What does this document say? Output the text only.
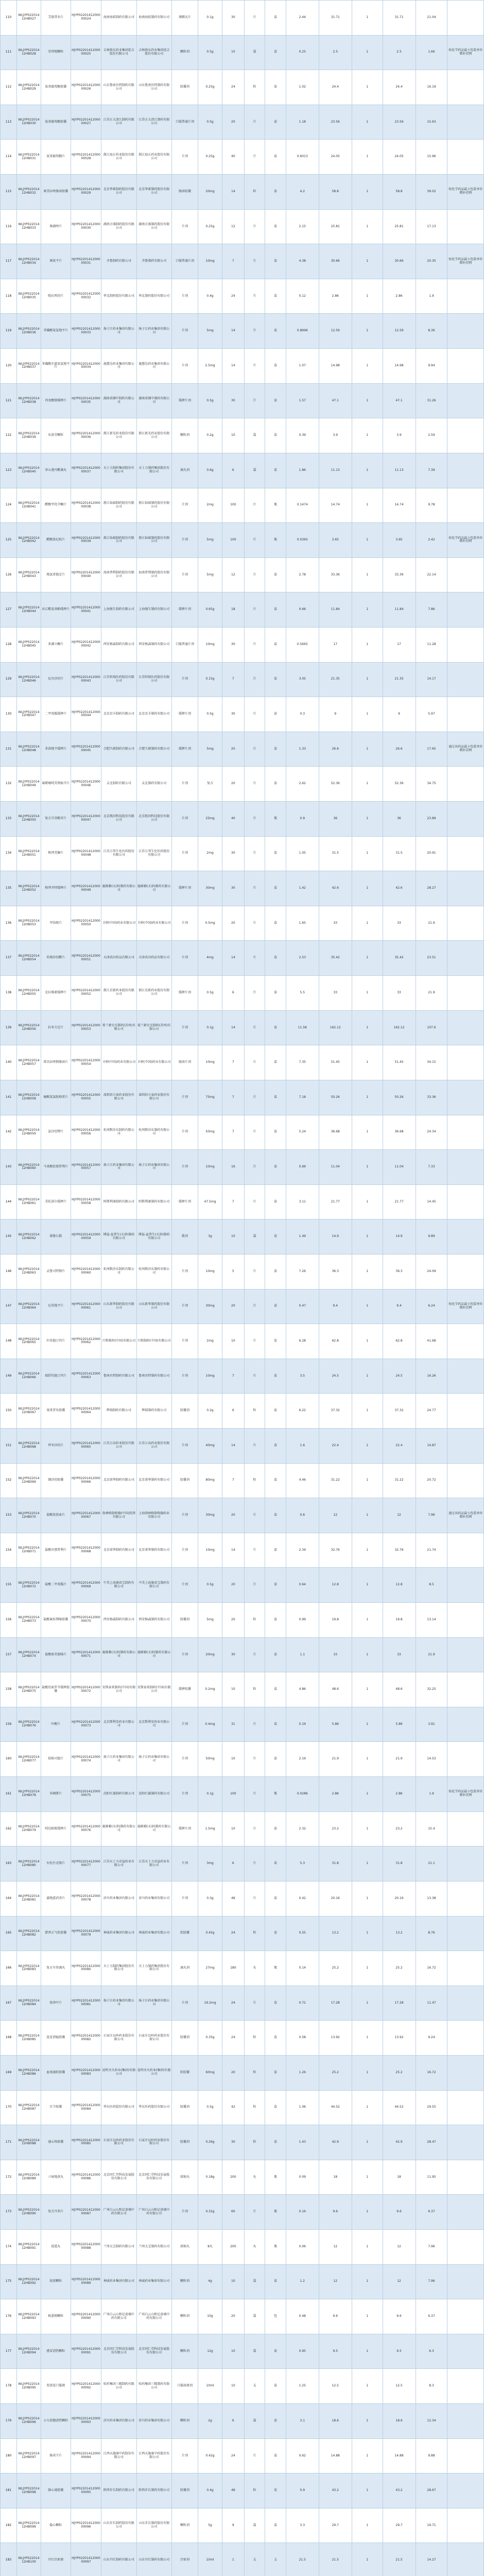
110	WLJYP02201412HB027	艾瑞昔布片	HJYP0220141200000024	海南海拓制药有限公司	海南海拓制药有限公司	薄膜衣片	0.1g	30	片	盒	2.44	31.71	1	31.71	21.04	
111	WLJYP02201412HB028	安替根颗粒	HJYP0220141200000025	吉林敖东药业集团延吉股份有限公司	吉林敖东药业集团延吉股份有限公司	颗粒剂	0.5g	10	袋	盒	0.25	2.5	1	2.5	1.66	按化学药品最小包装单位增补挂网
112	WLJYP02201412HB029	氨基葡萄糖胶囊	HJYP0220141200000026	山东鲁南贝特制药有限公司	山东鲁南贝特制药有限公司	胶囊剂	0.25g	24	粒	盒	1.02	24.4	1	24.4	16.19	
113	WLJYP02201412HB030	氨基葡萄糖胶囊	HJYP0220141200000027	江苏正大清江制药有限公司	江苏正大清江制药有限公司	口服普通片剂	0.5g	20	片	盒	1.18	23.56	1	23.56	15.63	
114	WLJYP02201412HB031	氨基葡萄糖片	HJYP0220141200000028	浙江海正药业股份有限公司	浙江海正药业股份有限公司	片剂	0.25g	40	片	盒	0.6013	24.05	1	24.05	15.96	
115	WLJYP02201412HB032	奥美拉唑肠溶胶囊	HJYP0220141200000029	北京华素制药股份有限公司	北京华素制药股份有限公司	肠溶胶囊	20mg	14	粒	盒	4.2	58.8	1	58.8	39.02	按化学药品最小包装单位增补挂网
116	WLJYP02201412HB033	奥硝唑片	HJYP0220141200000030	湖南方盛制药股份有限公司	湖南方盛制药股份有限公司	片剂	0.25g	12	片	盒	2.15	25.81	1	25.81	17.13	
117	WLJYP02201412HB034	奥氮平片	HJYP0220141200000031	齐鲁制药有限公司	齐鲁制药有限公司	口服普通片剂	10mg	7	片	盒	4.38	30.66	1	30.66	20.35	按化学药品最小包装单位增补挂网
118	WLJYP02201412HB035	吡拉西坦片	HJYP0220141200000032	华北制药股份有限公司	华北制药股份有限公司	片剂	0.4g	24	片	盒	0.12	2.86	1	2.86	1.9	
119	WLJYP02201412HB036	苯磺酸氨氯地平片	HJYP0220141200000033	扬子江药业集团有限公司	扬子江药业集团有限公司	片剂	5mg	14	片	盒	0.8996	12.59	1	12.59	8.36	
120	WLJYP02201412HB037	苯磺酸左旋氨氯地平片	HJYP0220141200000034	施慧达药业集团有限公司	施慧达药业集团有限公司	片剂	2.5mg	14	片	盒	1.07	14.98	1	14.98	9.94	
121	WLJYP02201412HB038	丙戊酸钠缓释片	HJYP0220141200000035	湖南省湘中制药有限公司	湖南省湘中制药有限公司	缓释片剂	0.5g	30	片	盒	1.57	47.1	1	47.1	31.26	
122	WLJYP02201412HB039	布洛芬颗粒	HJYP0220141200000036	浙江新光药业股份有限公司	浙江新光药业股份有限公司	颗粒剂	0.2g	10	袋	盒	0.39	3.9	1	3.9	2.59	
123	WLJYP02201412HB040	穿心莲内酯滴丸	HJYP0220141200000037	天士力制药集团股份有限公司	天士力制药集团股份有限公司	滴丸剂	0.6g	6	袋	盒	1.86	11.13	1	11.13	7.39	
124	WLJYP02201412HB041	醋酸甲羟孕酮片	HJYP0220141200000038	浙江仙琚制药股份有限公司	浙江仙琚制药股份有限公司	片剂	2mg	100	片	瓶	0.1474	14.74	1	14.74	9.78	
125	WLJYP02201412HB042	醋酸泼尼松片	HJYP0220141200000039	浙江仙琚制药股份有限公司	浙江仙琚制药股份有限公司	片剂	5mg	100	片	瓶	0.0365	3.65	1	3.65	2.42	按化学药品最小包装单位增补挂网
126	WLJYP02201412HB043	地氯雷他定片	HJYP0220141200000040	海南普利制药股份有限公司	海南普利制药股份有限公司	片剂	5mg	12	片	盒	2.78	33.36	1	33.36	22.14	
127	WLJYP02201412HB044	对乙酰氨基酚缓释片	HJYP0220141200000041	上海强生制药有限公司	上海强生制药有限公司	缓释片剂	0.65g	18	片	盒	0.66	11.84	1	11.84	7.86	
128	WLJYP02201412HB045	多潘立酮片	HJYP0220141200000042	西安杨森制药有限公司	西安杨森制药有限公司	口服普通片剂	10mg	30	片	盒	0.5665	17	1	17	11.28	
129	WLJYP02201412HB046	厄贝沙坦片	HJYP0220141200000043	江苏恒瑞医药股份有限公司	江苏恒瑞医药股份有限公司	片剂	0.15g	7	片	盒	3.05	21.35	1	21.35	14.17	
130	WLJYP02201412HB047	二甲双胍缓释片	HJYP0220141200000044	北京京丰制药有限公司	北京京丰制药有限公司	缓释片剂	0.5g	30	片	盒	0.3	9	1	9	5.97	
131	WLJYP02201412HB048	非洛地平缓释片	HJYP0220141200000045	合肥久联制药有限公司	合肥久联制药有限公司	缓释片剂	5mg	20	片	盒	1.33	26.6	1	26.6	17.65	通过该药品最小包装单位增补挂网
132	WLJYP02201412HB049	氟哌噻吨美利曲辛片	HJYP0220141200000046	灵北制药有限公司	灵北制药有限公司	片剂	复方	20	片	盒	2.62	52.36	1	52.36	34.75	
133	WLJYP02201412HB050	复方甘草酸苷片	HJYP0220141200000047	北京凯因科技股份有限公司	北京凯因科技股份有限公司	片剂	25mg	40	片	瓶	0.9	36	1	36	23.89	
134	WLJYP02201412HB051	格列美脲片	HJYP0220141200000048	江苏万邦生化医药股份有限公司	江苏万邦生化医药股份有限公司	片剂	2mg	30	片	盒	1.05	31.5	1	31.5	20.91	
135	WLJYP02201412HB052	格列齐特缓释片	HJYP0220141200000049	施维雅(天津)制药有限公司	施维雅(天津)制药有限公司	缓释片剂	30mg	30	片	盒	1.42	42.6	1	42.6	28.27	
136	WLJYP02201412HB053	甲钴胺片	HJYP0220141200000050	卫材(中国)药业有限公司	卫材(中国)药业有限公司	片剂	0.5mg	20	片	盒	1.65	33	1	33	21.9	
137	WLJYP02201412HB054	坎地沙坦酯片	HJYP0220141200000051	天津武田药品有限公司	天津武田药品有限公司	片剂	4mg	14	片	盒	2.53	35.42	1	35.42	23.51	
138	WLJYP02201412HB055	克拉霉素缓释片	HJYP0220141200000052	浙江京新药业股份有限公司	浙江京新药业股份有限公司	缓释片剂	0.5g	6	片	盒	5.5	33	1	33	21.9	
139	WLJYP02201412HB056	拉米夫定片	HJYP0220141200000053	葛兰素史克制药(苏州)有限公司	葛兰素史克制药(苏州)有限公司	片剂	0.1g	14	片	盒	11.58	162.12	1	162.12	107.6	
140	WLJYP02201412HB057	雷贝拉唑钠肠溶片	HJYP0220141200000054	卫材(中国)药业有限公司	卫材(中国)药业有限公司	肠溶片剂	10mg	7	片	盒	7.35	51.45	1	51.45	34.15	
141	WLJYP02201412HB058	硫酸氢氯吡格雷片	HJYP0220141200000055	深圳信立泰药业股份有限公司	深圳信立泰药业股份有限公司	片剂	75mg	7	片	盒	7.18	50.26	1	50.26	33.36	
142	WLJYP02201412HB059	氯沙坦钾片	HJYP0220141200000056	杭州默沙东制药有限公司	杭州默沙东制药有限公司	片剂	50mg	7	片	盒	5.24	36.68	1	36.68	24.34	
143	WLJYP02201412HB060	马来酸依那普利片	HJYP0220141200000057	扬子江药业集团有限公司	扬子江药业集团有限公司	片剂	10mg	16	片	盒	0.69	11.04	1	11.04	7.33	
144	WLJYP02201412HB061	美托洛尔缓释片	HJYP0220141200000058	阿斯利康制药有限公司	阿斯利康制药有限公司	缓释片剂	47.5mg	7	片	盒	3.11	21.77	1	21.77	14.45	
145	WLJYP02201412HB062	蒙脱石散	HJYP0220141200000059	博福-益普生(天津)制药有限公司	博福-益普生(天津)制药有限公司	散剂	3g	10	袋	盒	1.49	14.9	1	14.9	9.89	
146	WLJYP02201412HB063	孟鲁司特钠片	HJYP0220141200000060	杭州默沙东制药有限公司	杭州默沙东制药有限公司	片剂	10mg	5	片	盒	7.26	36.3	1	36.3	24.09	
147	WLJYP02201412HB064	尼莫地平片	HJYP0220141200000061	山东新华制药股份有限公司	山东新华制药股份有限公司	片剂	30mg	20	片	盒	0.47	9.4	1	9.4	6.24	按化学药品最小包装单位增补挂网
148	WLJYP02201412HB065	匹伐他汀钙片	HJYP0220141200000062	兴和制药(中国)有限公司	兴和制药(中国)有限公司	片剂	2mg	10	片	盒	6.28	62.8	1	62.8	41.68	
149	WLJYP02201412HB066	瑞舒伐他汀钙片	HJYP0220141200000063	鲁南贝特制药有限公司	鲁南贝特制药有限公司	片剂	10mg	7	片	盒	3.5	24.5	1	24.5	16.26	
150	WLJYP02201412HB067	塞来昔布胶囊	HJYP0220141200000064	辉瑞制药有限公司	辉瑞制药有限公司	胶囊剂	0.2g	6	粒	盒	6.22	37.32	1	37.32	24.77	
151	WLJYP02201412HB068	替米沙坦片	HJYP0220141200000065	江苏万高药业股份有限公司	江苏万高药业股份有限公司	片剂	40mg	14	片	盒	1.6	22.4	1	22.4	14.87	
152	WLJYP02201412HB069	缬沙坦胶囊	HJYP0220141200000066	北京诺华制药有限公司	北京诺华制药有限公司	胶囊剂	80mg	7	粒	盒	4.46	31.22	1	31.22	20.72	
153	WLJYP02201412HB070	盐酸氨溴索片	HJYP0220141200000067	勃林格殷格翰(中国)投资有限公司	上海勃林格殷格翰药业有限公司	片剂	30mg	20	片	盒	0.6	12	1	12	7.96	通过该药品最小包装单位增补挂网
154	WLJYP02201412HB071	盐酸贝那普利片	HJYP0220141200000068	北京诺华制药有限公司	北京诺华制药有限公司	片剂	10mg	14	片	盒	2.34	32.76	1	32.76	21.74	
155	WLJYP02201412HB072	盐酸二甲双胍片	HJYP0220141200000069	中美上海施贵宝制药有限公司	中美上海施贵宝制药有限公司	片剂	0.5g	20	片	盒	0.64	12.8	1	12.8	8.5	
156	WLJYP02201412HB073	盐酸氟桂利嗪胶囊	HJYP0220141200000070	西安杨森制药有限公司	西安杨森制药有限公司	胶囊剂	5mg	20	粒	盒	0.99	19.8	1	19.8	13.14	
157	WLJYP02201412HB074	盐酸曲美他嗪片	HJYP0220141200000071	施维雅(天津)制药有限公司	施维雅(天津)制药有限公司	片剂	20mg	30	片	盒	1.1	33	1	33	21.9	
158	WLJYP02201412HB075	盐酸坦索罗辛缓释胶囊	HJYP0220141200000072	安斯泰来制药(中国)有限公司	安斯泰来制药(中国)有限公司	缓释胶囊	0.2mg	10	粒	盒	4.86	48.6	1	48.6	32.25	
159	WLJYP02201412HB076	叶酸片	HJYP0220141200000073	北京斯利安药业有限公司	北京斯利安药业有限公司	片剂	0.4mg	31	片	盒	0.19	5.89	1	5.89	3.91	
160	WLJYP02201412HB077	依帕司他片	HJYP0220141200000074	扬子江药业集团有限公司	扬子江药业集团有限公司	片剂	50mg	10	片	盒	2.19	21.9	1	21.9	14.53	
161	WLJYP02201412HB078	异烟肼片	HJYP0220141200000075	沈阳红旗制药有限公司	沈阳红旗制药有限公司	片剂	0.1g	100	片	瓶	0.0286	2.86	1	2.86	1.9	按化学药品最小包装单位增补挂网
162	WLJYP02201412HB079	吲达帕胺缓释片	HJYP0220141200000076	施维雅(天津)制药有限公司	施维雅(天津)制药有限公司	缓释片剂	1.5mg	10	片	盒	2.32	23.2	1	23.2	15.4	
163	WLJYP02201412HB080	右佐匹克隆片	HJYP0220141200000077	江苏天士力帝益药业有限公司	江苏天士力帝益药业有限公司	片剂	3mg	6	片	盒	5.3	31.8	1	31.8	21.1	
164	WLJYP02201412HB081	蒲地蓝消炎片	HJYP0220141200000078	济川药业集团有限公司	济川药业集团有限公司	片剂	0.3g	48	片	盒	0.42	20.16	1	20.16	13.38	
165	WLJYP02201412HB082	藿香正气软胶囊	HJYP0220141200000079	神威药业集团有限公司	神威药业集团有限公司	软胶囊	0.45g	24	粒	盒	0.55	13.2	1	13.2	8.76	
166	WLJYP02201412HB083	复方丹参滴丸	HJYP0220141200000080	天士力制药集团股份有限公司	天士力制药集团股份有限公司	滴丸剂	27mg	180	丸	瓶	0.14	25.2	1	25.2	16.72	
167	WLJYP02201412HB084	银杏叶片	HJYP0220141200000081	扬子江药业集团有限公司	扬子江药业集团有限公司	片剂	19.2mg	24	片	盒	0.72	17.28	1	17.28	11.47	
168	WLJYP02201412HB085	连花清瘟胶囊	HJYP0220141200000082	石家庄以岭药业股份有限公司	石家庄以岭药业股份有限公司	胶囊剂	0.35g	24	粒	盒	0.58	13.92	1	13.92	9.24	
169	WLJYP02201412HB086	血塞通软胶囊	HJYP0220141200000083	昆明圣火药业(集团)有限公司	昆明圣火药业(集团)有限公司	软胶囊	60mg	20	粒	盒	1.26	25.2	1	25.2	16.72	
170	WLJYP02201412HB087	百令胶囊	HJYP0220141200000084	华东医药股份有限公司	华东医药股份有限公司	胶囊剂	0.5g	42	粒	盒	1.06	44.52	1	44.52	29.55	
171	WLJYP02201412HB088	通心络胶囊	HJYP0220141200000085	石家庄以岭药业股份有限公司	石家庄以岭药业股份有限公司	胶囊剂	0.26g	30	粒	盒	1.43	42.9	1	42.9	28.47	
172	WLJYP02201412HB089	六味地黄丸	HJYP0220141200000086	北京同仁堂科技发展股份有限公司	北京同仁堂科技发展股份有限公司	浓缩丸	0.18g	200	丸	瓶	0.09	18	1	18	11.95	
173	WLJYP02201412HB090	复方丹参片	HJYP0220141200000087	广州白云山和记黄埔中药有限公司	广州白云山和记黄埔中药有限公司	片剂	0.32g	60	片	瓶	0.16	9.6	1	9.6	6.37	
174	WLJYP02201412HB091	逍遥丸	HJYP0220141200000088	兰州太宝制药有限公司	兰州太宝制药有限公司	浓缩丸	8丸	200	丸	瓶	0.06	12	1	12	7.96	
175	WLJYP02201412HB092	银黄颗粒	HJYP0220141200000089	神威药业集团有限公司	神威药业集团有限公司	颗粒剂	4g	10	袋	盒	1.2	12	1	12	7.96	
176	WLJYP02201412HB093	板蓝根颗粒	HJYP0220141200000090	广州白云山和记黄埔中药有限公司	广州白云山和记黄埔中药有限公司	颗粒剂	10g	20	袋	包	0.48	9.6	1	9.6	6.37	
177	WLJYP02201412HB094	感冒清热颗粒	HJYP0220141200000091	北京同仁堂科技发展股份有限公司	北京同仁堂科技发展股份有限公司	颗粒剂	12g	10	袋	盒	0.95	9.5	1	9.5	6.3	
178	WLJYP02201412HB095	双黄连口服液	HJYP0220141200000092	哈药集团三精制药有限公司	哈药集团三精制药有限公司	口服溶液剂	10ml	10	支	盒	1.25	12.5	1	12.5	8.3	
179	WLJYP02201412HB096	小儿豉翘清热颗粒	HJYP0220141200000093	济川药业集团有限公司	济川药业集团有限公司	颗粒剂	2g	6	袋	盒	3.1	18.6	1	18.6	12.34	
180	WLJYP02201412HB097	肠炎宁片	HJYP0220141200000094	江西天施康中药股份有限公司	江西天施康中药股份有限公司	片剂	0.42g	24	片	盒	0.62	14.88	1	14.88	9.88	
181	WLJYP02201412HB098	脑心通胶囊	HJYP0220141200000095	陕西步长制药有限公司	陕西步长制药有限公司	胶囊剂	0.4g	48	粒	盒	0.9	43.2	1	43.2	28.67	
182	WLJYP02201412HB099	稳心颗粒	HJYP0220141200000096	山东步长制药股份有限公司	山东步长制药股份有限公司	颗粒剂	5g	9	袋	盒	3.3	29.7	1	29.7	19.71	
183	WLJYP02201412HB100	丹红注射液	HJYP0220141200000097	山东丹红制药有限公司	山东丹红制药有限公司	注射剂	10ml	1	支	支	21.5	21.5	1	21.5	14.27	
